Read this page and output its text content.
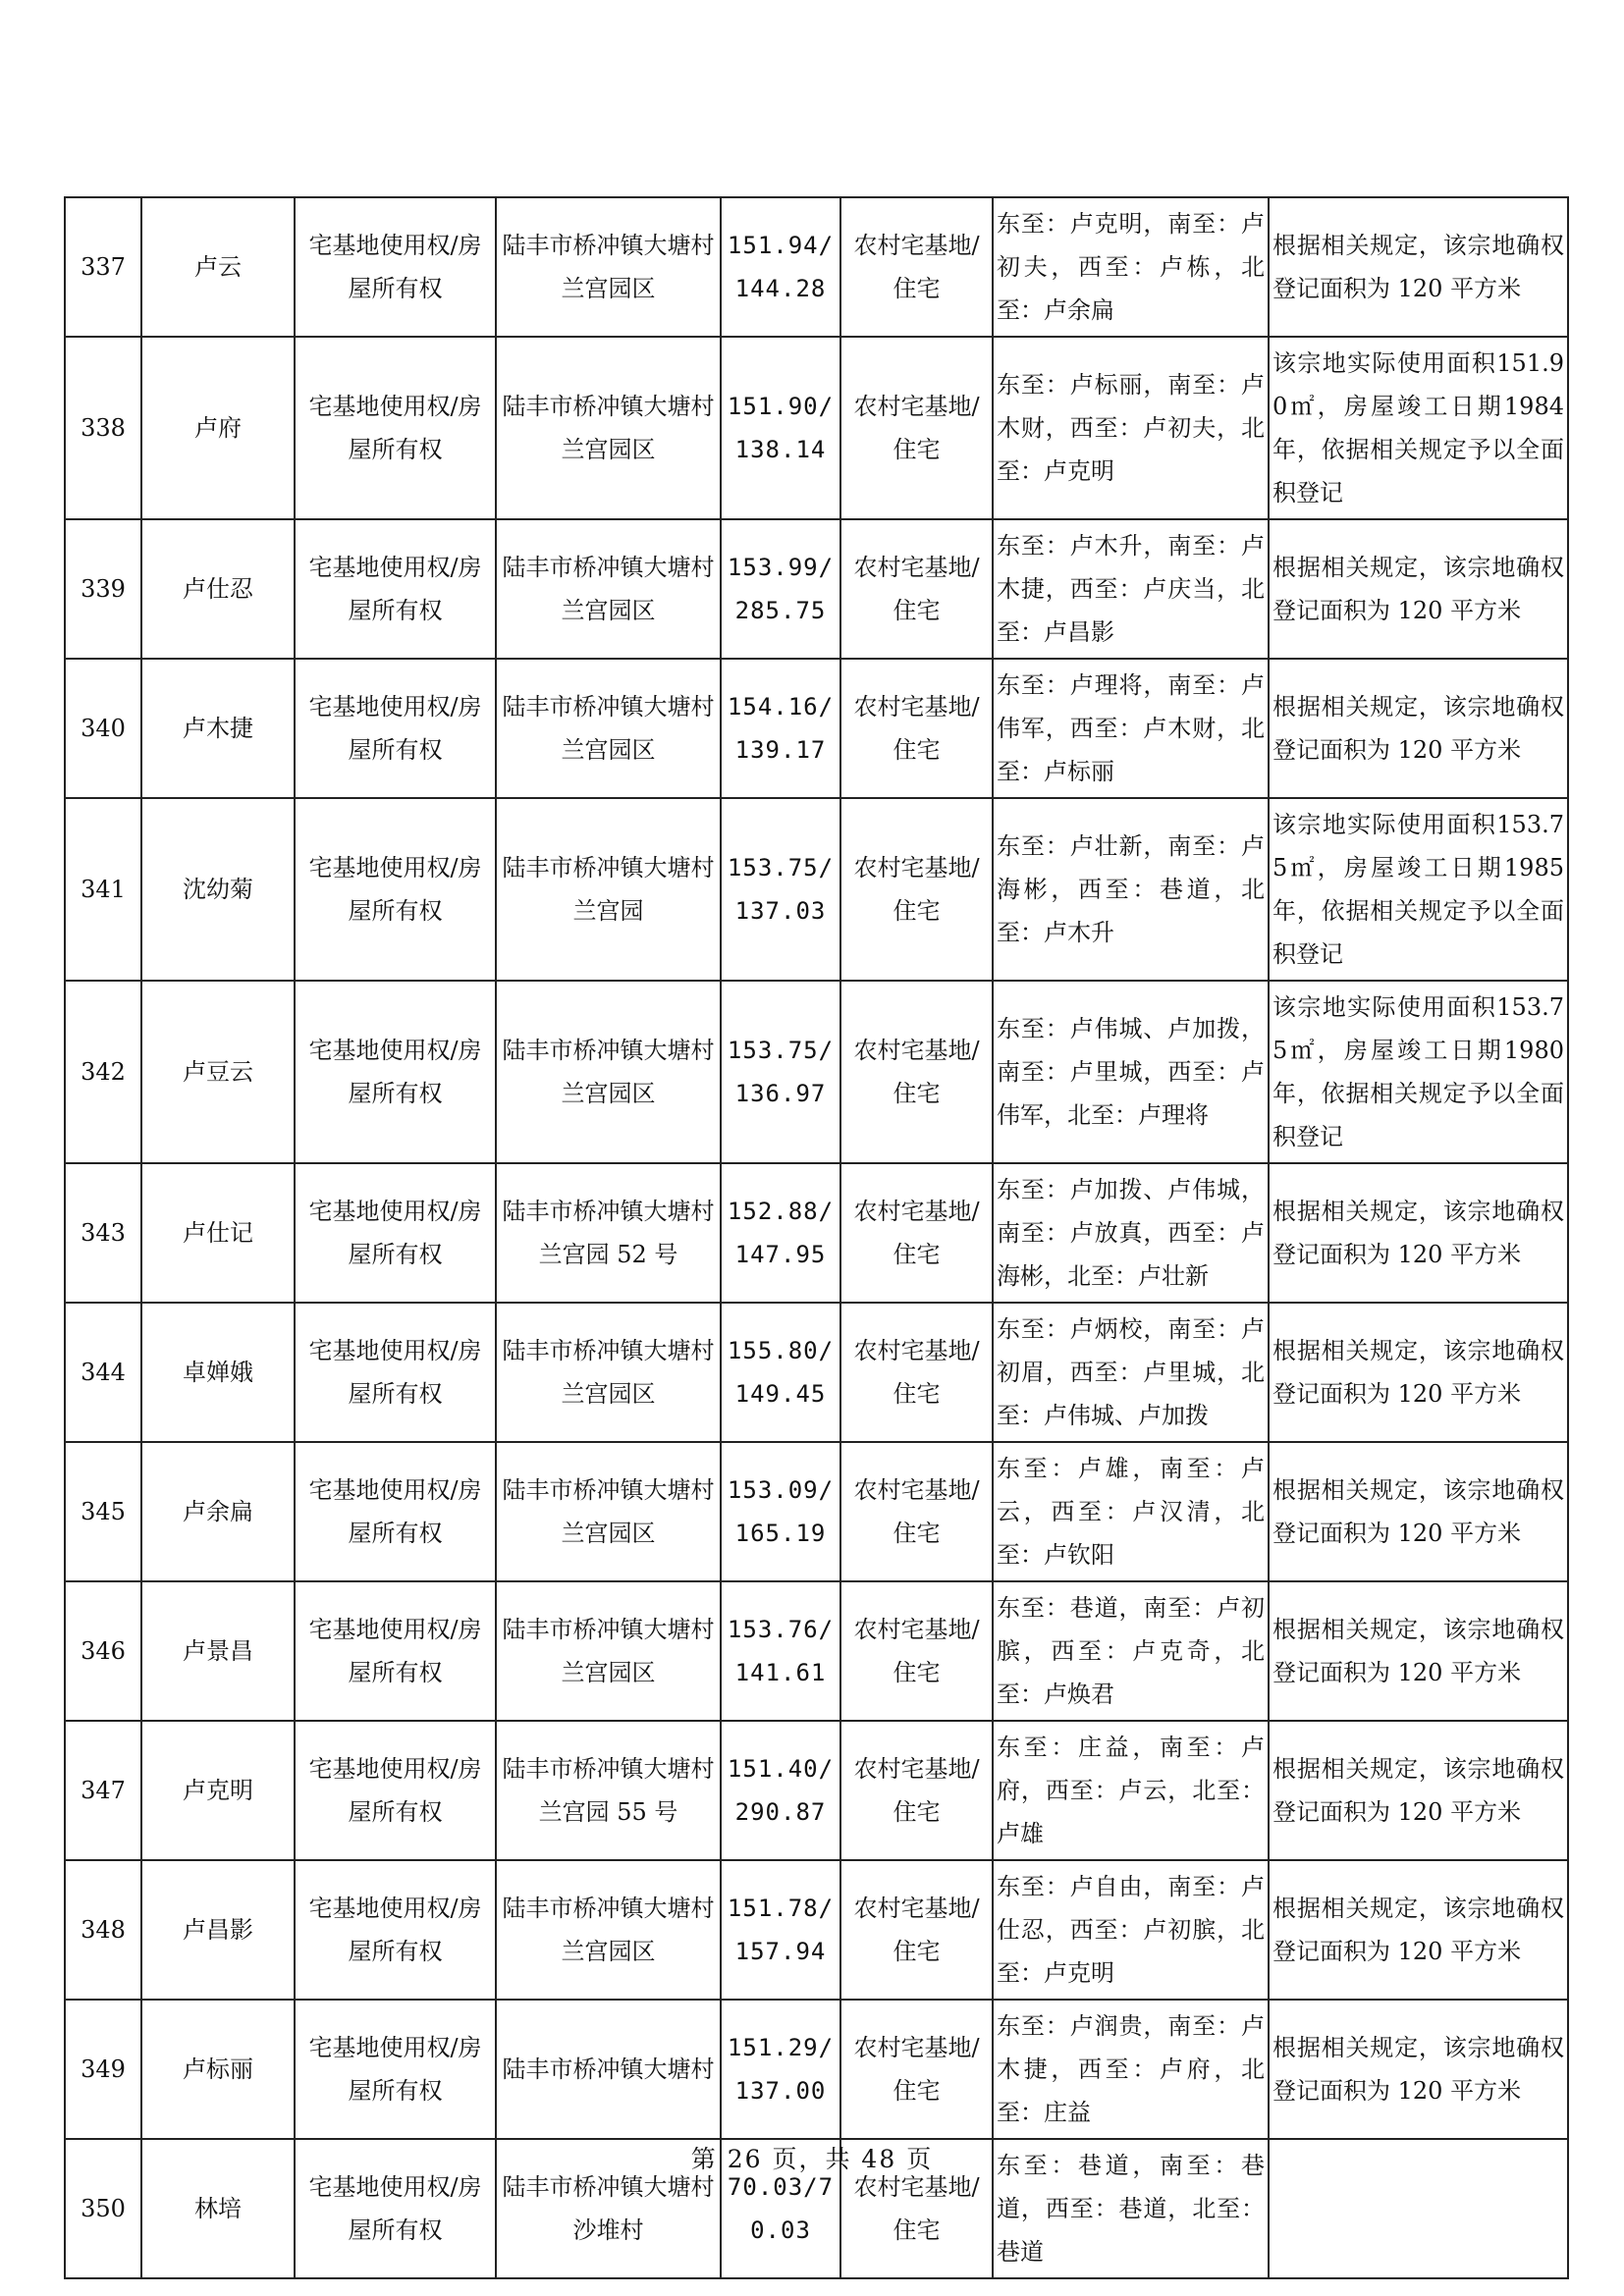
337	卢云	宅基地使用权/房屋所有权	陆丰市桥冲镇大塘村兰宫园区	151.94/144.28	农村宅基地/住宅	东至：卢克明，南至：卢初夫，西至：卢栋，北至：卢余扁	根据相关规定，该宗地确权登记面积为 120 平方米
338	卢府	宅基地使用权/房屋所有权	陆丰市桥冲镇大塘村兰宫园区	151.90/138.14	农村宅基地/住宅	东至：卢标丽，南至：卢木财，西至：卢初夫，北至：卢克明	该宗地实际使用面积151.90㎡，房屋竣工日期1984年，依据相关规定予以全面积登记
339	卢仕忍	宅基地使用权/房屋所有权	陆丰市桥冲镇大塘村兰宫园区	153.99/285.75	农村宅基地/住宅	东至：卢木升，南至：卢木捷，西至：卢庆当，北至：卢昌影	根据相关规定，该宗地确权登记面积为 120 平方米
340	卢木捷	宅基地使用权/房屋所有权	陆丰市桥冲镇大塘村兰宫园区	154.16/139.17	农村宅基地/住宅	东至：卢理将，南至：卢伟军，西至：卢木财，北至：卢标丽	根据相关规定，该宗地确权登记面积为 120 平方米
341	沈幼菊	宅基地使用权/房屋所有权	陆丰市桥冲镇大塘村兰宫园	153.75/137.03	农村宅基地/住宅	东至：卢壮新，南至：卢海彬，西至：巷道，北至：卢木升	该宗地实际使用面积153.75㎡，房屋竣工日期1985年，依据相关规定予以全面积登记
342	卢豆云	宅基地使用权/房屋所有权	陆丰市桥冲镇大塘村兰宫园区	153.75/136.97	农村宅基地/住宅	东至：卢伟城、卢加拨，南至：卢里城，西至：卢伟军，北至：卢理将	该宗地实际使用面积153.75㎡，房屋竣工日期1980年，依据相关规定予以全面积登记
343	卢仕记	宅基地使用权/房屋所有权	陆丰市桥冲镇大塘村兰宫园 52 号	152.88/147.95	农村宅基地/住宅	东至：卢加拨、卢伟城，南至：卢放真，西至：卢海彬，北至：卢壮新	根据相关规定，该宗地确权登记面积为 120 平方米
344	卓婵娥	宅基地使用权/房屋所有权	陆丰市桥冲镇大塘村兰宫园区	155.80/149.45	农村宅基地/住宅	东至：卢炳校，南至：卢初眉，西至：卢里城，北至：卢伟城、卢加拨	根据相关规定，该宗地确权登记面积为 120 平方米
345	卢余扁	宅基地使用权/房屋所有权	陆丰市桥冲镇大塘村兰宫园区	153.09/165.19	农村宅基地/住宅	东至：卢雄，南至：卢云，西至：卢汉清，北至：卢钦阳	根据相关规定，该宗地确权登记面积为 120 平方米
346	卢景昌	宅基地使用权/房屋所有权	陆丰市桥冲镇大塘村兰宫园区	153.76/141.61	农村宅基地/住宅	东至：巷道，南至：卢初膑，西至：卢克奇，北至：卢焕君	根据相关规定，该宗地确权登记面积为 120 平方米
347	卢克明	宅基地使用权/房屋所有权	陆丰市桥冲镇大塘村兰宫园 55 号	151.40/290.87	农村宅基地/住宅	东至：庄益，南至：卢府，西至：卢云，北至：卢雄	根据相关规定，该宗地确权登记面积为 120 平方米
348	卢昌影	宅基地使用权/房屋所有权	陆丰市桥冲镇大塘村兰宫园区	151.78/157.94	农村宅基地/住宅	东至：卢自由，南至：卢仕忍，西至：卢初膑，北至：卢克明	根据相关规定，该宗地确权登记面积为 120 平方米
349	卢标丽	宅基地使用权/房屋所有权	陆丰市桥冲镇大塘村	151.29/137.00	农村宅基地/住宅	东至：卢润贵，南至：卢木捷，西至：卢府，北至：庄益	根据相关规定，该宗地确权登记面积为 120 平方米
350	林培	宅基地使用权/房屋所有权	陆丰市桥冲镇大塘村沙堆村	70.03/70.03	农村宅基地/住宅	东至：巷道，南至：巷道，西至：巷道，北至：巷道	
第 26 页，共 48 页
